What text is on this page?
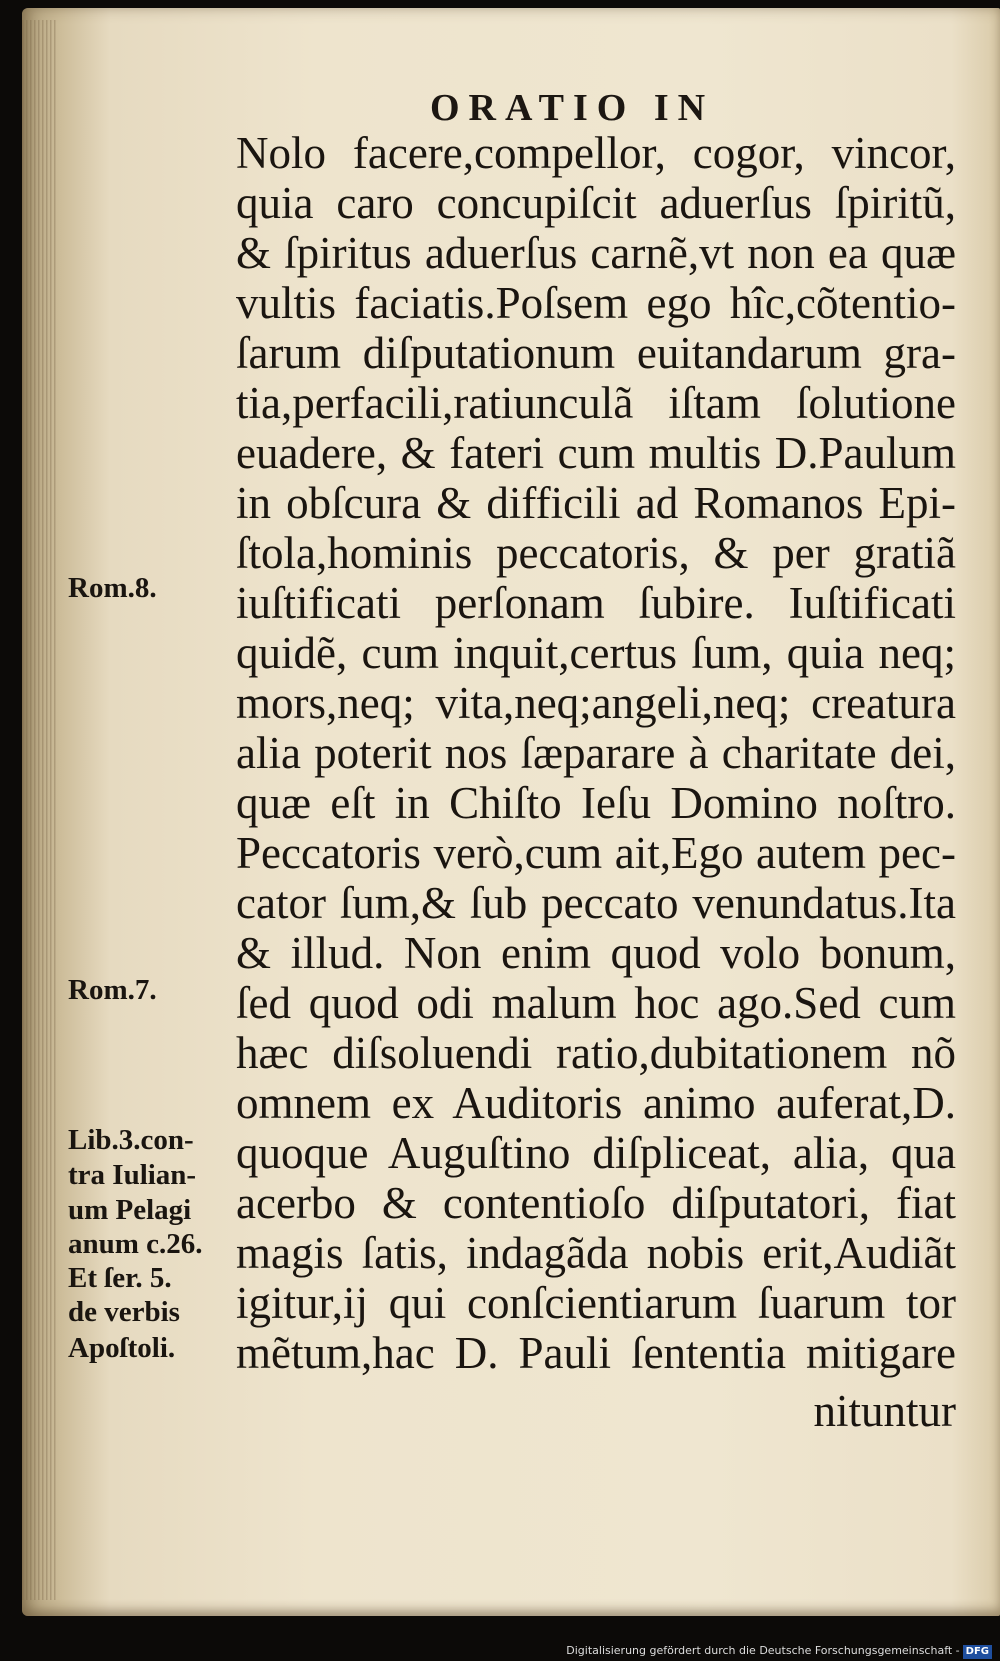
ORATIO IN
Nolo facere,compellor, cogor, vincor,
quia caro concupiſcit aduerſus ſpiritũ,
& ſpiritus aduerſus carnẽ,vt non ea quæ
vultis faciatis.Poſsem ego hîc,cõtentio-
ſarum diſputationum euitandarum gra-
tia,perfacili,ratiunculã iſtam ſolutione
euadere, & fateri cum multis D.Paulum
in obſcura & difficili ad Romanos Epi-
ſtola,hominis peccatoris, & per gratiã
iuſtificati perſonam ſubire. Iuſtificati
quidẽ, cum inquit,certus ſum, quia neq;
mors,neq; vita,neq;angeli,neq; creatura
alia poterit nos ſæparare à charitate dei,
quæ eſt in Chiſto Ieſu Domino noſtro.
Peccatoris verò,cum ait,Ego autem pec-
cator ſum,& ſub peccato venundatus.Ita
& illud. Non enim quod volo bonum,
ſed quod odi malum hoc ago.Sed cum
hæc diſsoluendi ratio,dubitationem nõ
omnem ex Auditoris animo auferat,D.
quoque Auguſtino diſpliceat, alia, qua
acerbo & contentioſo diſputatori, fiat
magis ſatis, indagãda nobis erit,Audiãt
igitur,ij qui conſcientiarum ſuarum tor
mẽtum,hac D. Pauli ſententia mitigare
nituntur
Rom.8.
Rom.7.
Lib.3.con-
tra Iulian-
um Pelagi
anum c.26.
Et ſer. 5.
de verbis
Apoſtoli.
Digitalisierung gefördert durch die Deutsche Forschungsgemeinschaft - DFG
